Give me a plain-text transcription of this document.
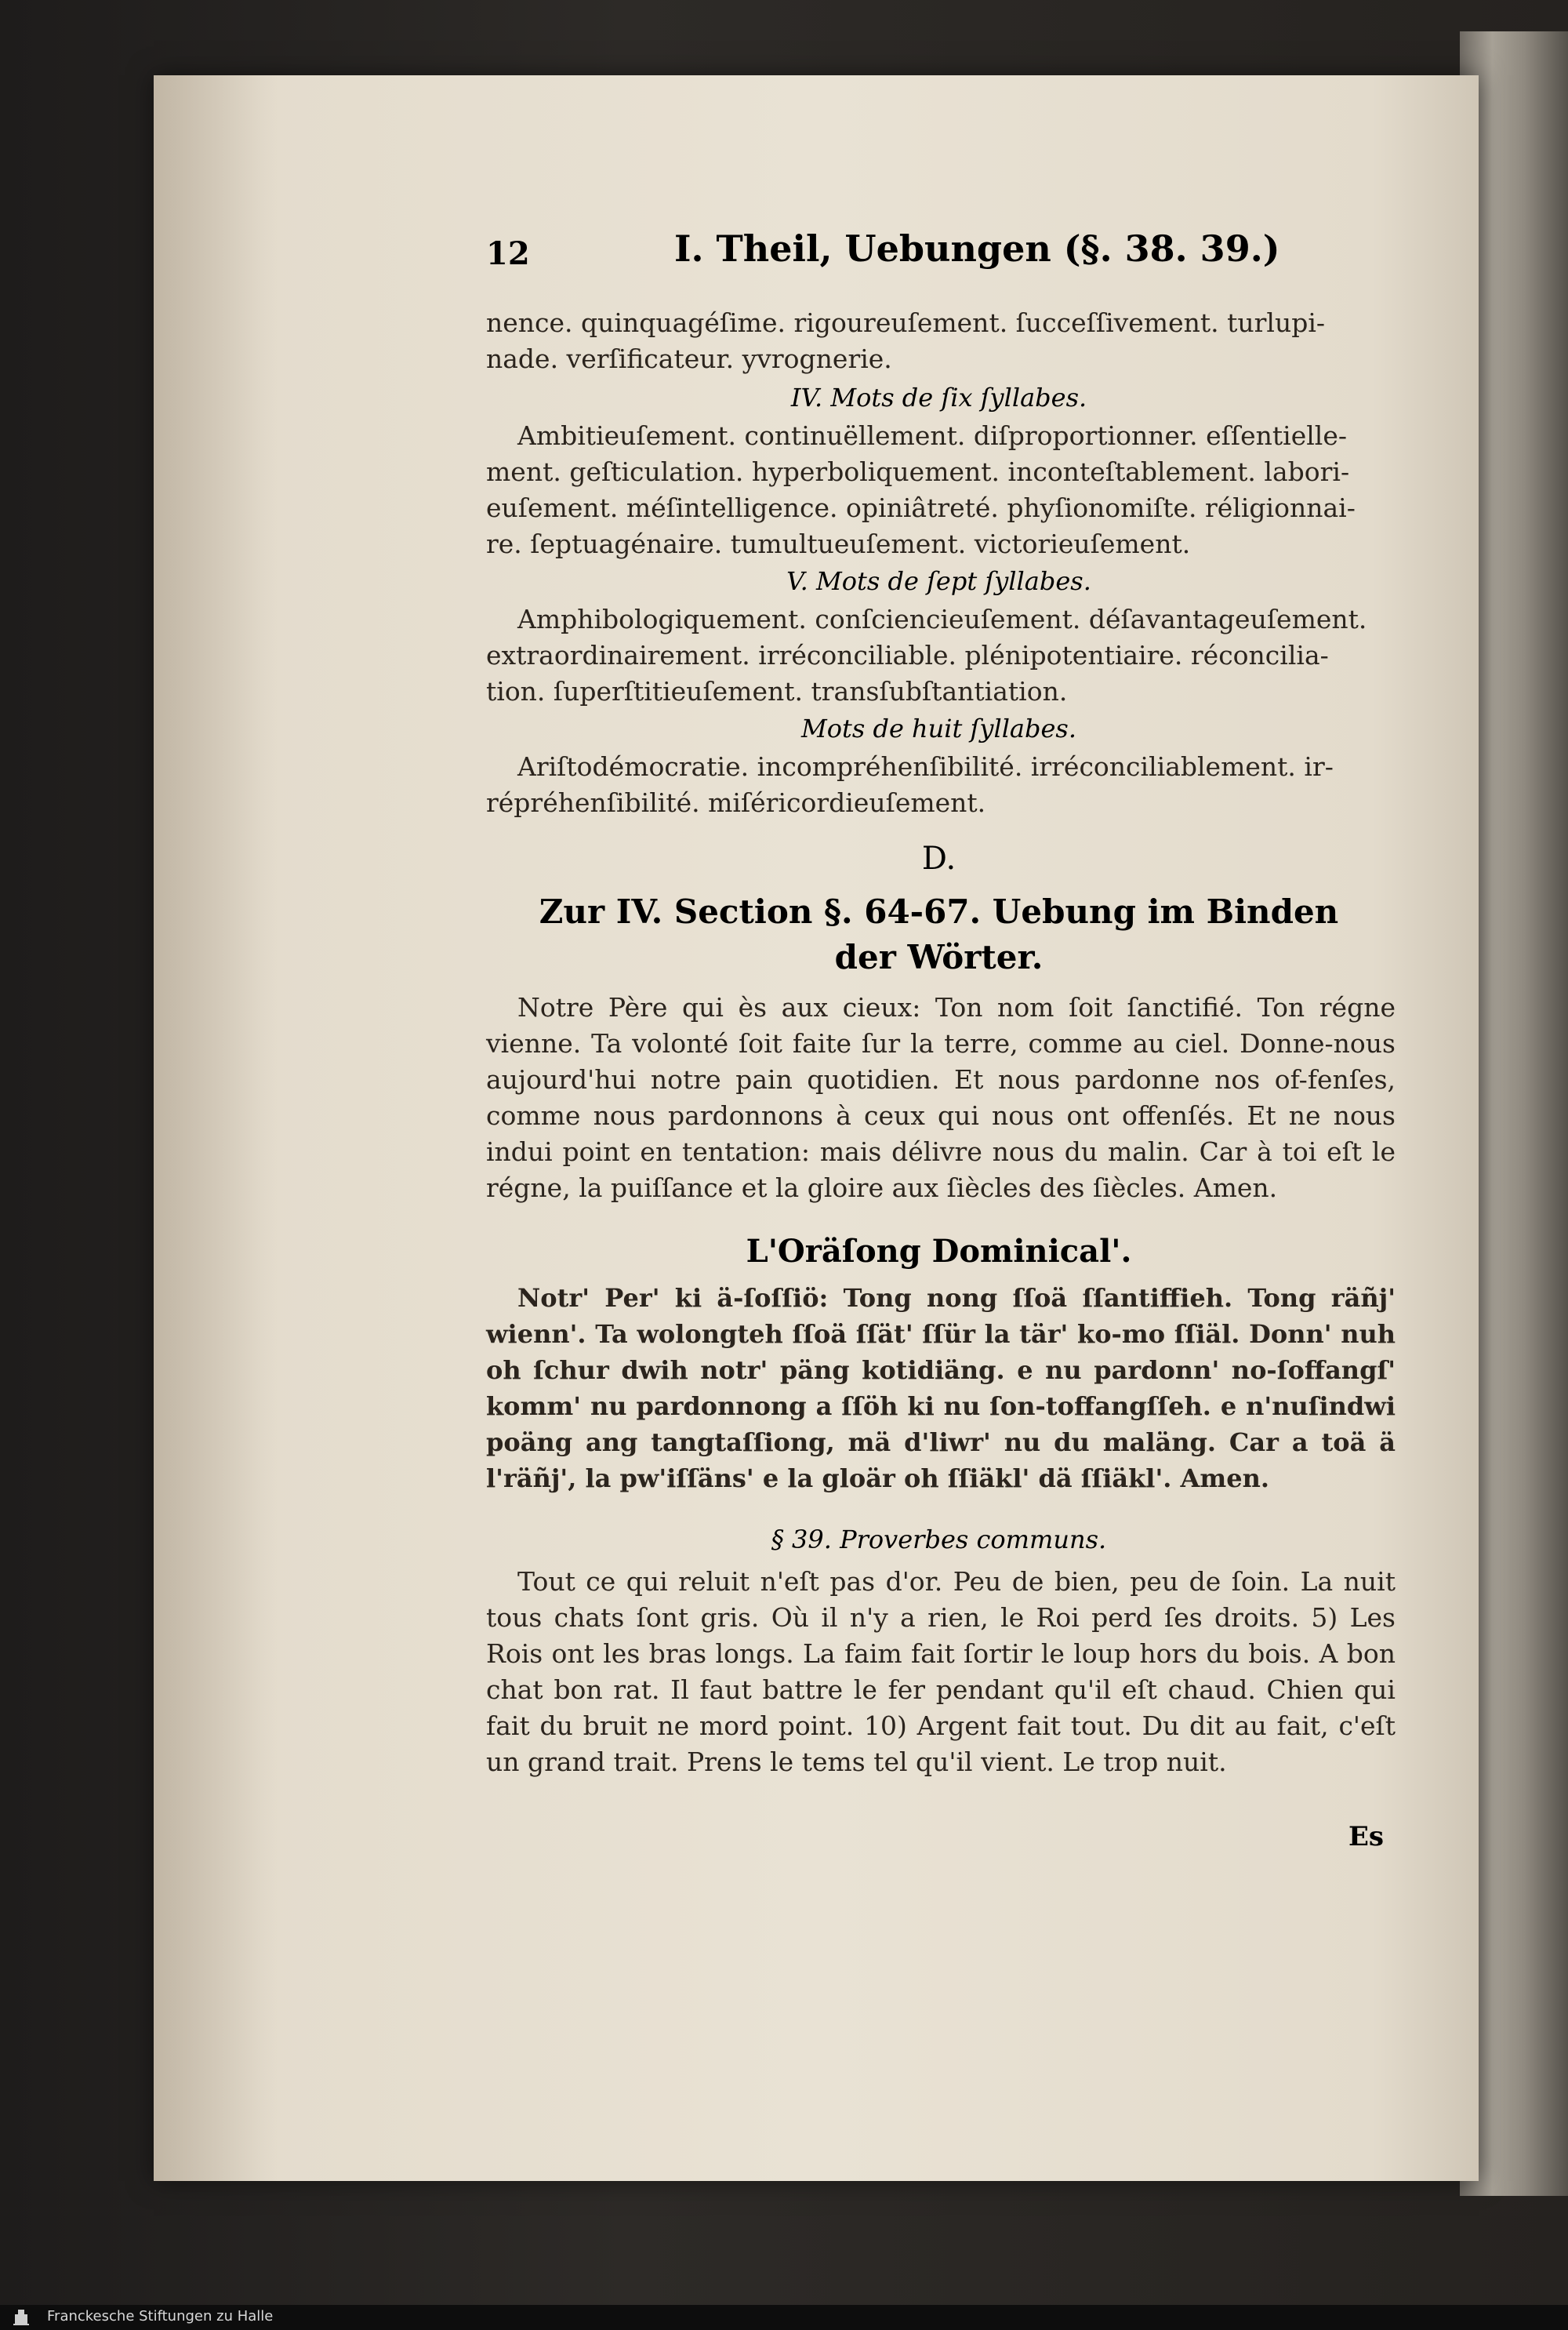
12	I. Theil, Uebungen (§. 38. 39.)
nence. quinquagéſime. rigoureuſement. ſucceſſivement. turlupi-
nade. verſificateur. yvrognerie.
IV. Mots de ſix ſyllabes.
Ambitieuſement. continuëllement. diſproportionner. eſſentielle-
ment. geſticulation. hyperboliquement. inconteſtablement. labori-
euſement. méſintelligence. opiniâtreté. phyſionomiſte. réligionnai-
re. ſeptuagénaire. tumultueuſement. victorieuſement.
V. Mots de ſept ſyllabes.
Amphibologiquement. conſciencieuſement. déſavantageuſement.
extraordinairement. irréconciliable. plénipotentiaire. réconcilia-
tion. ſuperſtitieuſement. transſubſtantiation.
Mots de huit ſyllabes.
Ariſtodémocratie. incompréhenſibilité. irréconciliablement. ir-
répréhenſibilité. miſéricordieuſement.
D.
Zur IV. Section §. 64-67. Uebung im Binden
der Wörter.
Notre Père qui ès aux cieux: Ton nom ſoit ſanctifié. Ton régne vienne. Ta volonté ſoit faite ſur la terre, comme au ciel. Donne-nous aujourd'hui notre pain quotidien. Et nous pardonne nos of-fenſes, comme nous pardonnons à ceux qui nous ont offenſés. Et ne nous indui point en tentation: mais délivre nous du malin. Car à toi eſt le régne, la puiſſance et la gloire aux ſiècles des ſiècles. Amen.
L'Oräſong Dominical'.
Notr' Per' ki ä-ſoſſiö: Tong nong ſſoä ſſantiffieh. Tong räñj' wienn'. Ta wolongteh ſſoä ſſät' ſſür la tär' ko-mo ſſiäl. Donn' nuh oh ſchur dwih notr' päng kotidiäng. e nu pardonn' no-ſoffangſ' komm' nu pardonnong a ſſöh ki nu ſon-toffangſſeh. e n'nuſindwi poäng ang tangtaſſiong, mä d'liwr' nu du maläng. Car a toä ä l'räñj', la pw'iſſäns' e la gloär oh ſſiäkl' dä ſſiäkl'. Amen.
§ 39. Proverbes communs.
Tout ce qui reluit n'eſt pas d'or. Peu de bien, peu de ſoin. La nuit tous chats ſont gris. Où il n'y a rien, le Roi perd ſes droits. 5) Les Rois ont les bras longs. La faim fait ſortir le loup hors du bois. A bon chat bon rat. Il faut battre le fer pendant qu'il eſt chaud. Chien qui fait du bruit ne mord point. 10) Argent fait tout. Du dit au fait, c'eſt un grand trait. Prens le tems tel qu'il vient. Le trop nuit.
Es
Franckesche Stiftungen zu Halle
